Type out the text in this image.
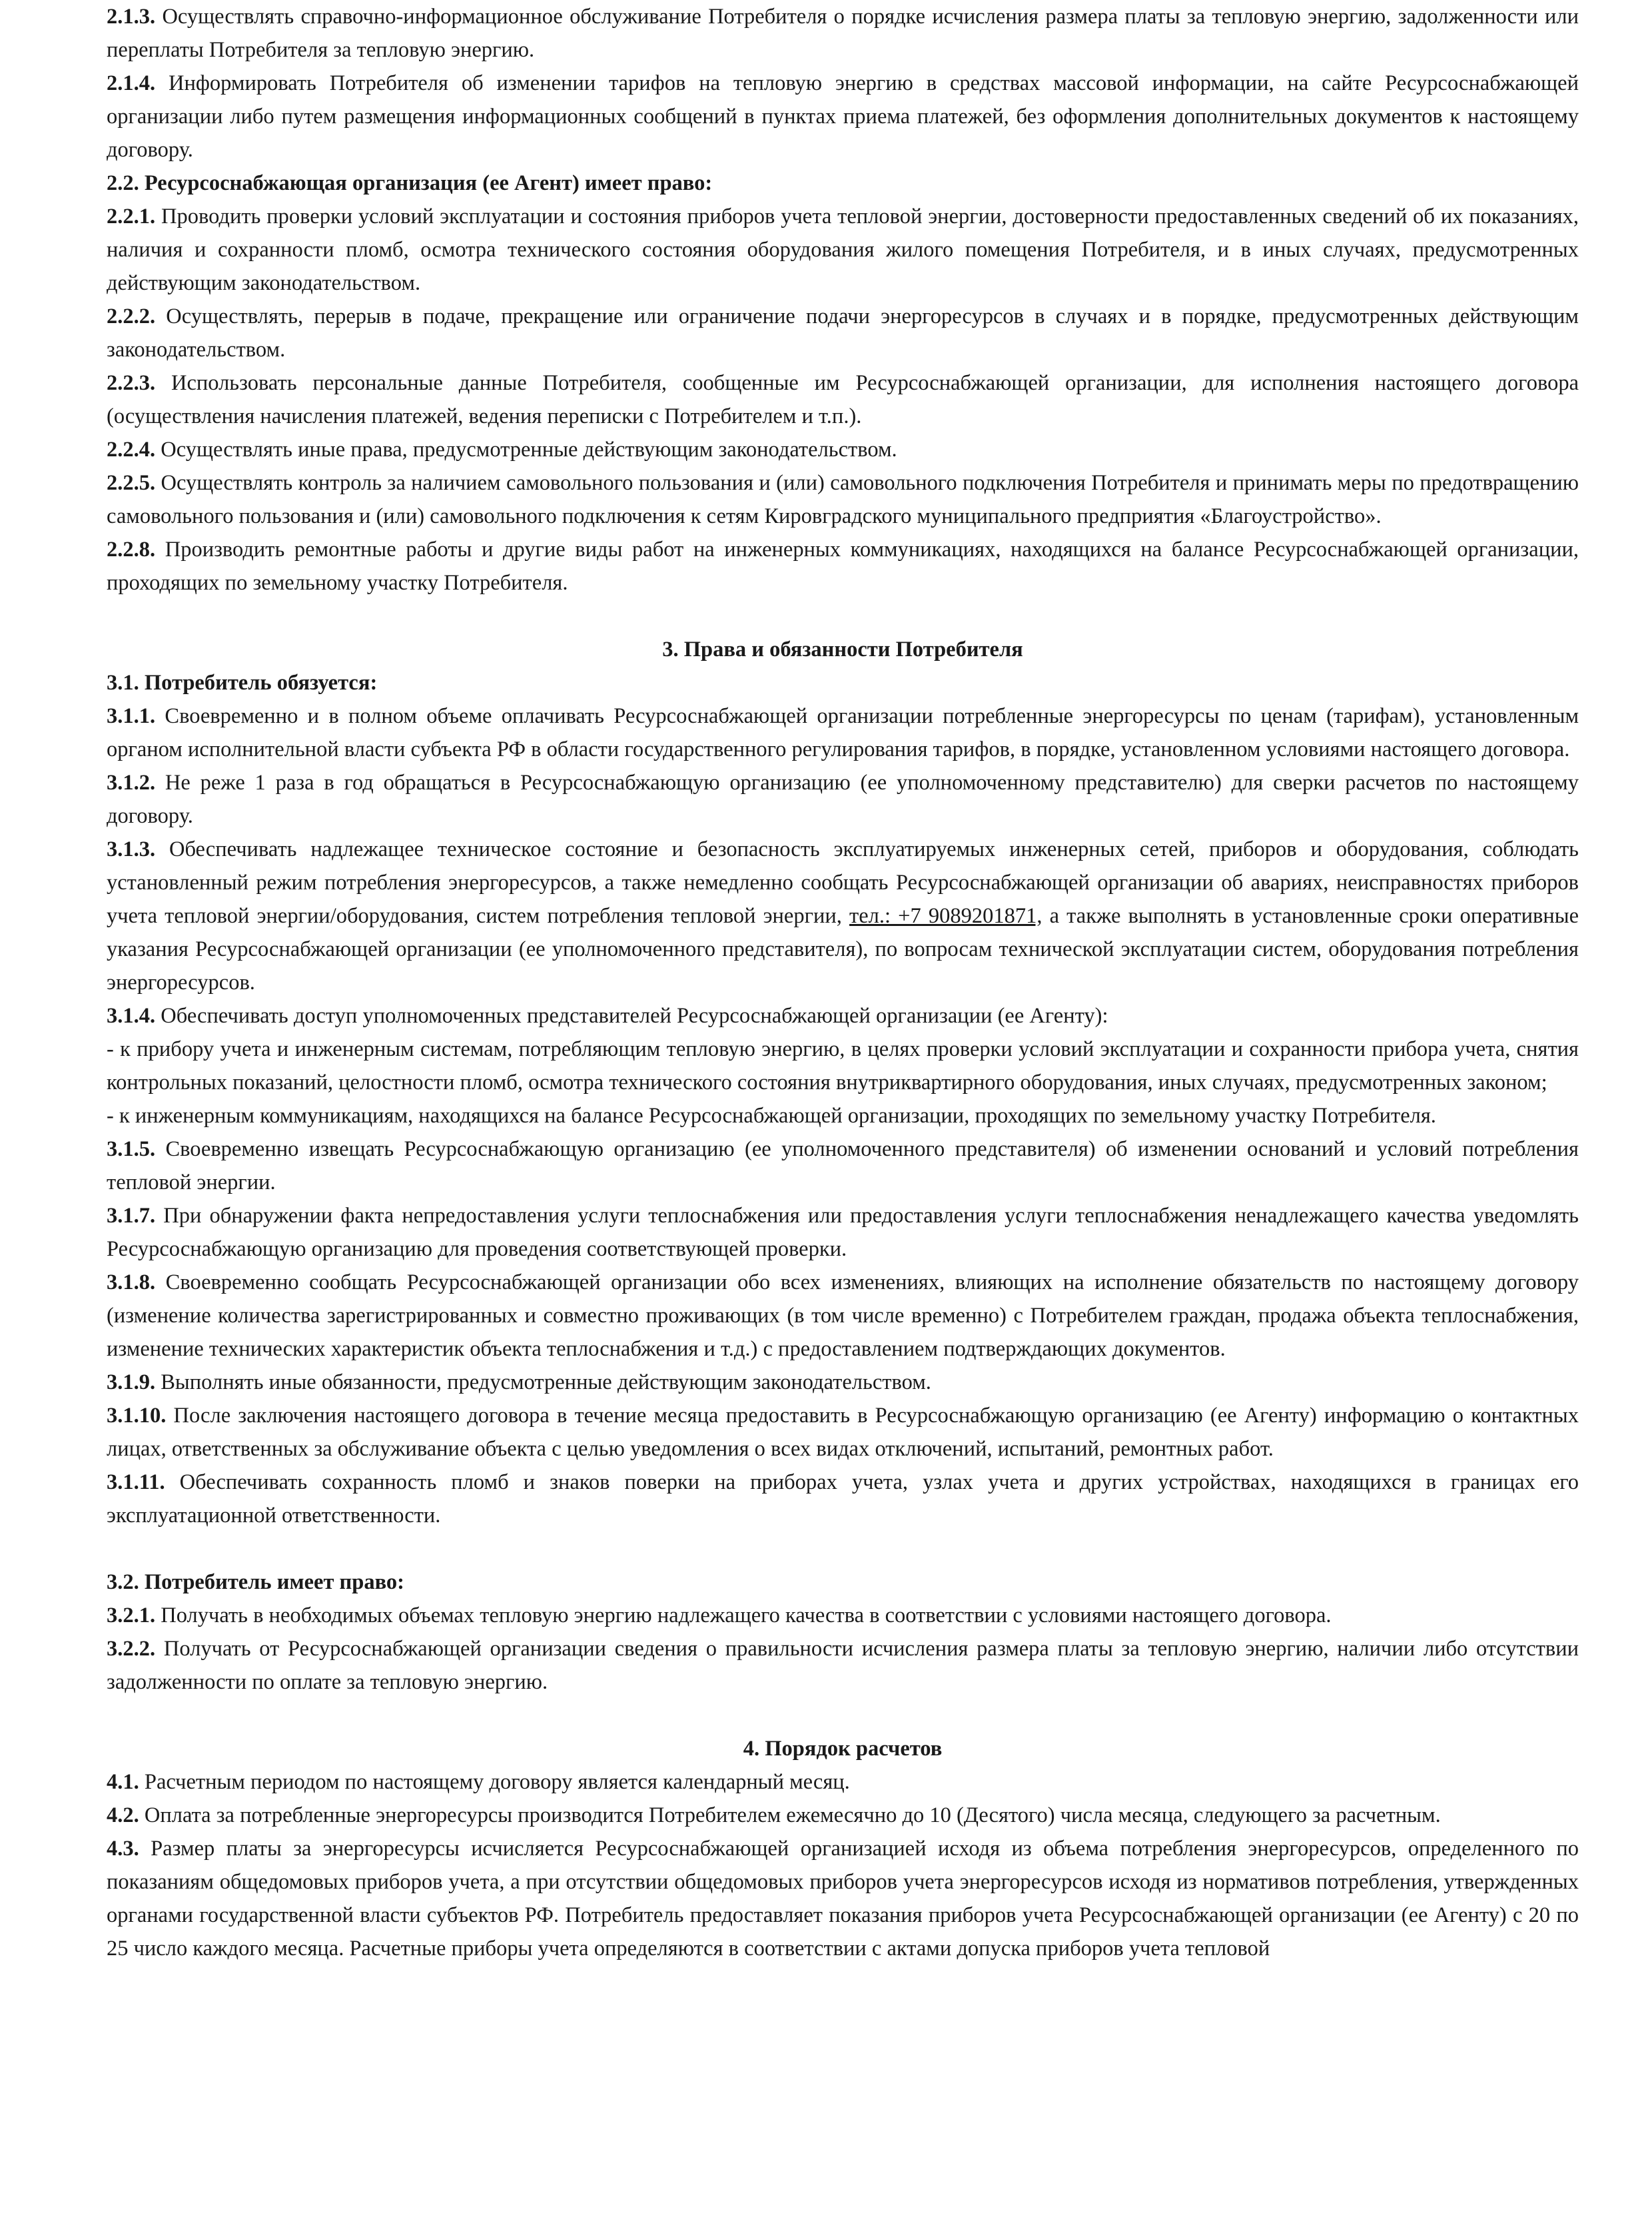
2.1.3. Осуществлять справочно-информационное обслуживание Потребителя о порядке исчисления размера платы за тепловую энергию, задолженности или переплаты Потребителя за тепловую энергию.

2.1.4. Информировать Потребителя об изменении тарифов на тепловую энергию в средствах массовой информации, на сайте Ресурсоснабжающей организации либо путем размещения информационных сообщений в пунктах приема платежей, без оформления дополнительных документов к настоящему договору.

2.2. Ресурсоснабжающая организация (ее Агент) имеет право:

2.2.1. Проводить проверки условий эксплуатации и состояния приборов учета тепловой энергии, достоверности предоставленных сведений об их показаниях, наличия и сохранности пломб, осмотра технического состояния оборудования жилого помещения Потребителя, и в иных случаях, предусмотренных действующим законодательством.

2.2.2. Осуществлять, перерыв в подаче, прекращение или ограничение подачи энергоресурсов в случаях и в порядке, предусмотренных действующим законодательством.

2.2.3. Использовать персональные данные Потребителя, сообщенные им Ресурсоснабжающей организации, для исполнения настоящего договора (осуществления начисления платежей, ведения переписки с Потребителем и т.п.).

2.2.4. Осуществлять иные права, предусмотренные действующим законодательством.

2.2.5. Осуществлять контроль за наличием самовольного пользования и (или) самовольного подключения Потребителя и принимать меры по предотвращению самовольного пользования и (или) самовольного подключения к сетям Кировградского муниципального предприятия «Благоустройство».

2.2.8. Производить ремонтные работы и другие виды работ на инженерных коммуникациях, находящихся на балансе Ресурсоснабжающей организации, проходящих по земельному участку Потребителя.

3. Права и обязанности Потребителя

3.1. Потребитель обязуется:

3.1.1. Своевременно и в полном объеме оплачивать Ресурсоснабжающей организации потребленные энергоресурсы по ценам (тарифам), установленным органом исполнительной власти субъекта РФ в области государственного регулирования тарифов, в порядке, установленном условиями настоящего договора.

3.1.2. Не реже 1 раза в год обращаться в Ресурсоснабжающую организацию (ее уполномоченному представителю) для сверки расчетов по настоящему договору.

3.1.3. Обеспечивать надлежащее техническое состояние и безопасность эксплуатируемых инженерных сетей, приборов и оборудования, соблюдать установленный режим потребления энергоресурсов, а также немедленно сообщать Ресурсоснабжающей организации об авариях, неисправностях приборов учета тепловой энергии/оборудования, систем потребления тепловой энергии, тел.: +7 9089201871, а также выполнять в установленные сроки оперативные указания Ресурсоснабжающей организации (ее уполномоченного представителя), по вопросам технической эксплуатации систем, оборудования потребления энергоресурсов.

3.1.4. Обеспечивать доступ уполномоченных представителей Ресурсоснабжающей организации (ее Агенту):

- к прибору учета и инженерным системам, потребляющим тепловую энергию, в целях проверки условий эксплуатации и сохранности прибора учета, снятия контрольных показаний, целостности пломб, осмотра технического состояния внутриквартирного оборудования, иных случаях, предусмотренных законом;

- к инженерным коммуникациям, находящихся на балансе Ресурсоснабжающей организации, проходящих по земельному участку Потребителя.

3.1.5. Своевременно извещать Ресурсоснабжающую организацию (ее уполномоченного представителя) об изменении оснований и условий потребления тепловой энергии.

3.1.7. При обнаружении факта непредоставления услуги теплоснабжения или предоставления услуги теплоснабжения ненадлежащего качества уведомлять Ресурсоснабжающую организацию для проведения соответствующей проверки.

3.1.8. Своевременно сообщать Ресурсоснабжающей организации обо всех изменениях, влияющих на исполнение обязательств по настоящему договору (изменение количества зарегистрированных и совместно проживающих (в том числе временно) с Потребителем граждан, продажа объекта теплоснабжения, изменение технических характеристик объекта теплоснабжения и т.д.) с предоставлением подтверждающих документов.

3.1.9. Выполнять иные обязанности, предусмотренные действующим законодательством.

3.1.10. После заключения настоящего договора в течение месяца предоставить в Ресурсоснабжающую организацию (ее Агенту) информацию о контактных лицах, ответственных за обслуживание объекта с целью уведомления о всех видах отключений, испытаний, ремонтных работ.

3.1.11. Обеспечивать сохранность пломб и знаков поверки на приборах учета, узлах учета и других устройствах, находящихся в границах его эксплуатационной ответственности.

3.2. Потребитель имеет право:

3.2.1. Получать в необходимых объемах тепловую энергию надлежащего качества в соответствии с условиями настоящего договора.

3.2.2. Получать от Ресурсоснабжающей организации сведения о правильности исчисления размера платы за тепловую энергию, наличии либо отсутствии задолженности по оплате за тепловую энергию.

4. Порядок расчетов

4.1. Расчетным периодом по настоящему договору является календарный месяц.

4.2. Оплата за потребленные энергоресурсы производится Потребителем ежемесячно до 10 (Десятого) числа месяца, следующего за расчетным.

4.3. Размер платы за энергоресурсы исчисляется Ресурсоснабжающей организацией исходя из объема потребления энергоресурсов, определенного по показаниям общедомовых приборов учета, а при отсутствии общедомовых приборов учета энергоресурсов исходя из нормативов потребления, утвержденных органами государственной власти субъектов РФ. Потребитель предоставляет показания приборов учета Ресурсоснабжающей организации (ее Агенту) с 20 по 25 число каждого месяца. Расчетные приборы учета определяются в соответствии с актами допуска приборов учета тепловой
